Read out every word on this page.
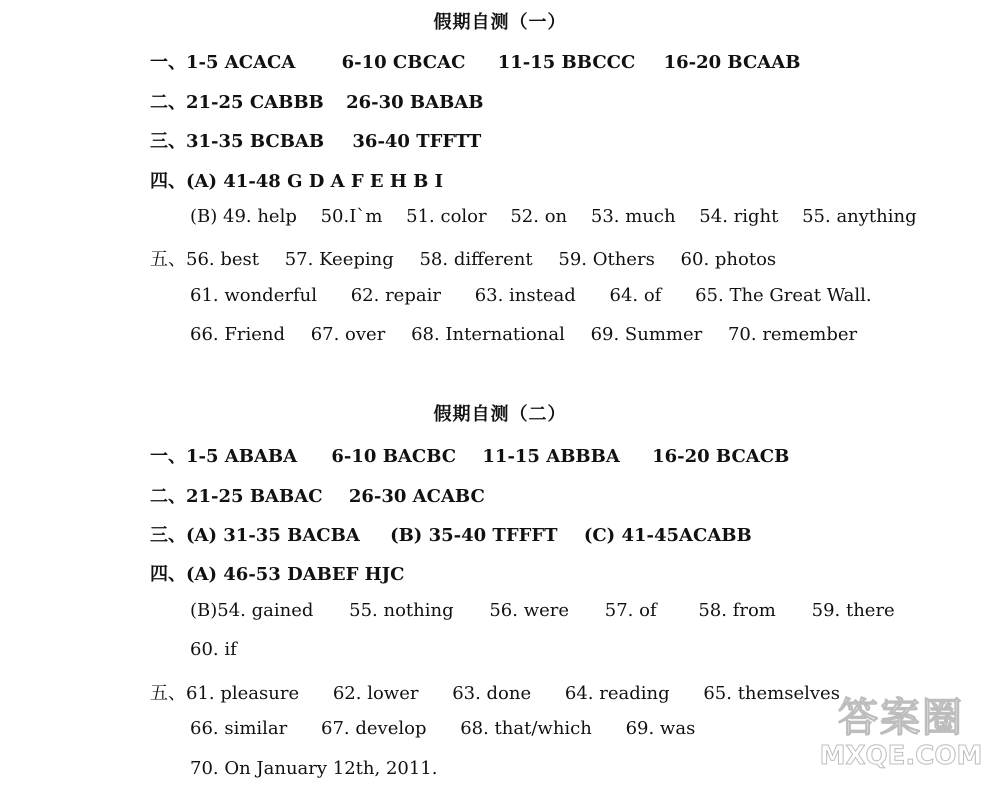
假期自测（一）
一、1-5 ACACA	6-10 CBCAC 11-15 BBCCC 16-20 BCAAB
二、21-25 CABBB 26-30 BABAB
三、31-35 BCBAB 36-40 TFFTT
四、(A) 41-48 G D A F E H B I
(B) 49. help 50.I`m 51. color 52. on 53. much 54. right 55. anything
五、56. best 57. Keeping 58. different 59. Others 60. photos
61. wonderful 62. repair 63. instead 64. of 65. The Great Wall.
66. Friend 67. over 68. International 69. Summer 70. remember
假期自测（二）
一、1-5 ABABA 6-10 BACBC 11-15 ABBBA 16-20 BCACB
二、21-25 BABAC 26-30 ACABC
三、(A) 31-35 BACBA (B) 35-40 TFFFT (C) 41-45ACABB
四、(A) 46-53 DABEF HJC
(B)54. gained 55. nothing 56. were 57. of 58. from 59. there
60. if
五、61. pleasure 62. lower 63. done 64. reading 65. themselves
66. similar 67. develop 68. that/which 69. was
70. On January 12th, 2011.
答案圈
MXQE.COM
